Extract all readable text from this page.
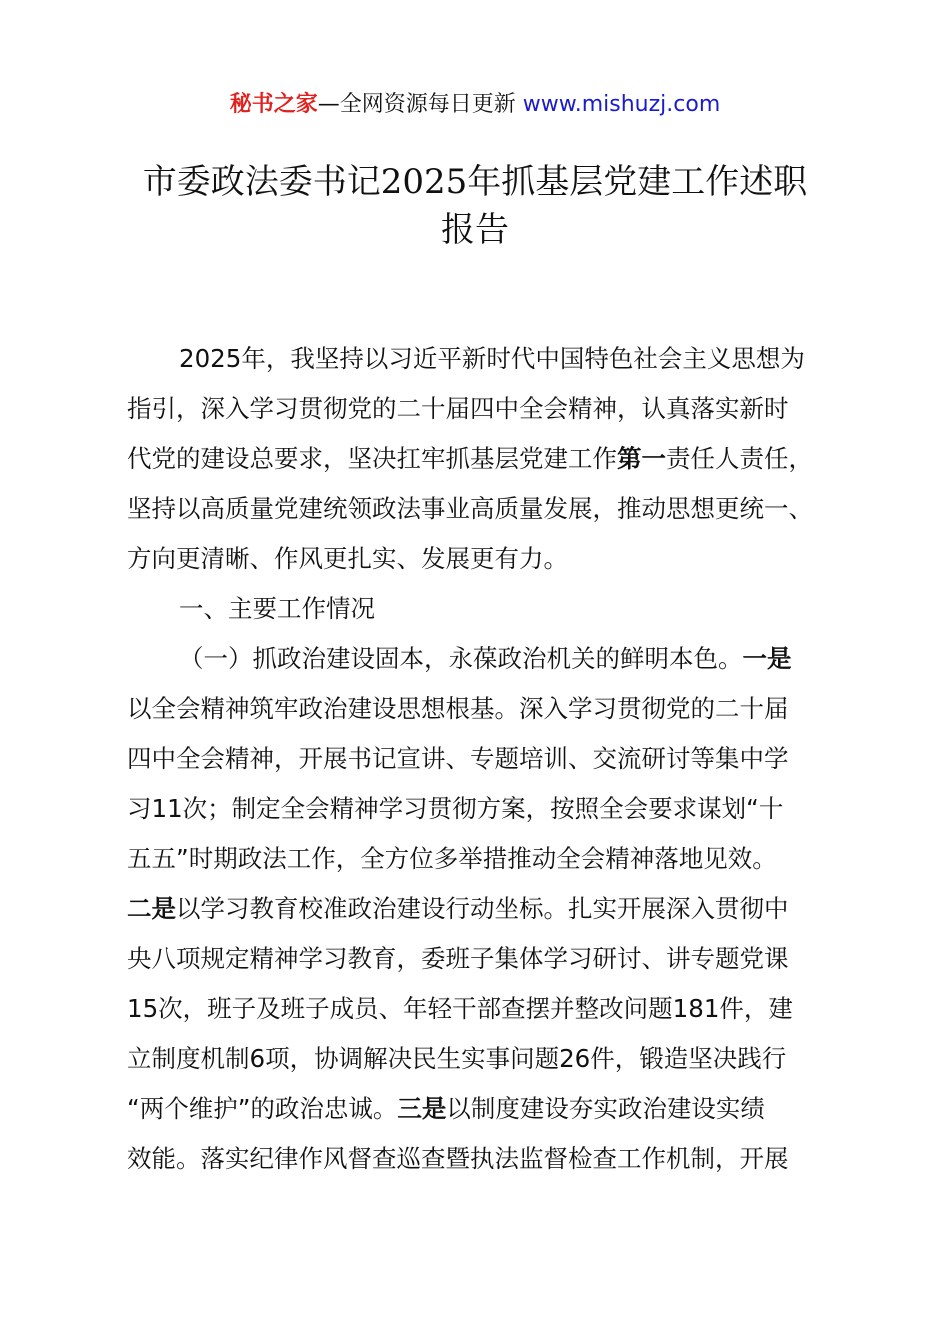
秘书之家—全网资源每日更新 www.mishuzj.com
市委政法委书记2025年抓基层党建工作述职
报告
2025年，我坚持以习近平新时代中国特色社会主义思想为
指引，深入学习贯彻党的二十届四中全会精神，认真落实新时
代党的建设总要求，坚决扛牢抓基层党建工作第一责任人责任，
坚持以高质量党建统领政法事业高质量发展，推动思想更统一、
方向更清晰、作风更扎实、发展更有力。
一、主要工作情况
（一）抓政治建设固本，永葆政治机关的鲜明本色。一是
以全会精神筑牢政治建设思想根基。深入学习贯彻党的二十届
四中全会精神，开展书记宣讲、专题培训、交流研讨等集中学
习11次；制定全会精神学习贯彻方案，按照全会要求谋划“十
五五”时期政法工作，全方位多举措推动全会精神落地见效。
二是以学习教育校准政治建设行动坐标。扎实开展深入贯彻中
央八项规定精神学习教育，委班子集体学习研讨、讲专题党课
15次，班子及班子成员、年轻干部查摆并整改问题181件，建
立制度机制6项，协调解决民生实事问题26件，锻造坚决践行
“两个维护”的政治忠诚。三是以制度建设夯实政治建设实绩
效能。落实纪律作风督查巡查暨执法监督检查工作机制，开展
